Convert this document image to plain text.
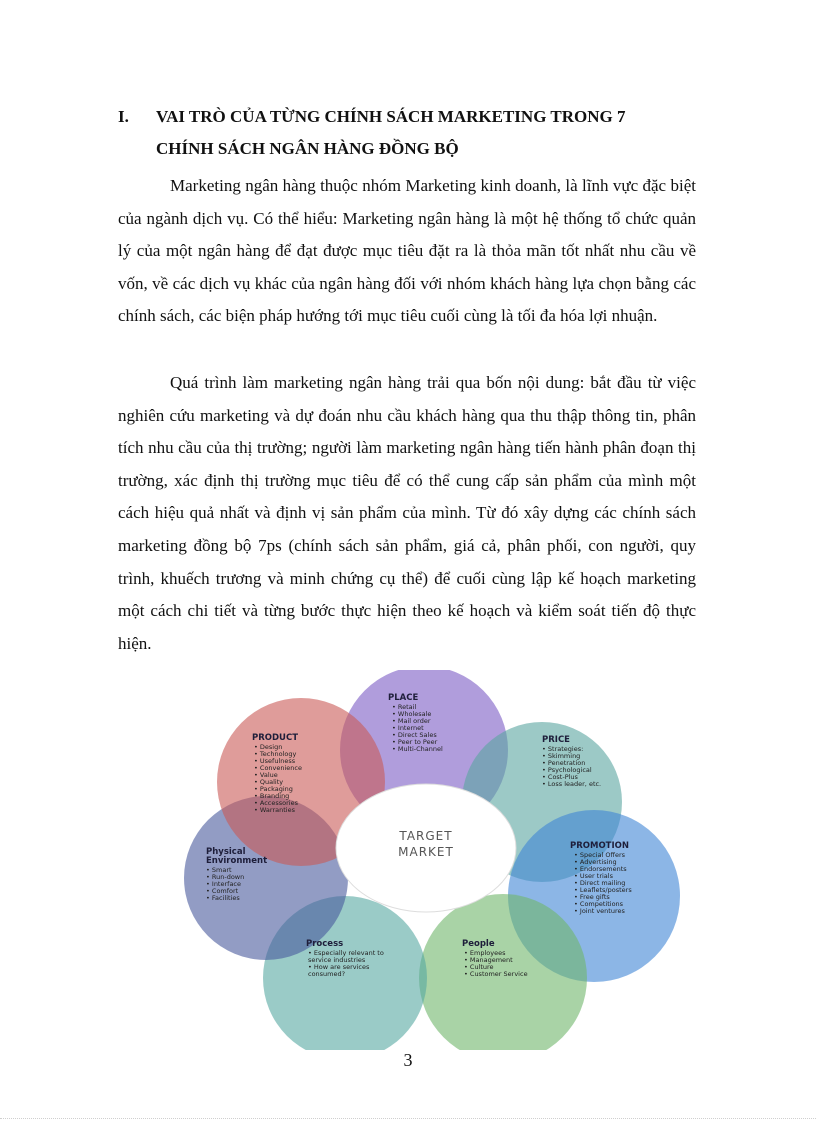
I. VAI TRÒ CỦA TỪNG CHÍNH SÁCH MARKETING TRONG 7
CHÍNH SÁCH NGÂN HÀNG ĐỒNG BỘ

Marketing ngân hàng thuộc nhóm Marketing kinh doanh, là lĩnh vực đặc biệt của ngành dịch vụ. Có thể hiểu: Marketing ngân hàng là một hệ thống tổ chức quản lý của một ngân hàng để đạt được mục tiêu đặt ra là thỏa mãn tốt nhất nhu cầu về vốn, về các dịch vụ khác của ngân hàng đối với nhóm khách hàng lựa chọn bằng các chính sách, các biện pháp hướng tới mục tiêu cuối cùng là tối đa hóa lợi nhuận.

Quá trình làm marketing ngân hàng trải qua bốn nội dung: bắt đầu từ việc nghiên cứu marketing và dự đoán nhu cầu khách hàng qua thu thập thông tin, phân tích nhu cầu của thị trường; người làm marketing ngân hàng tiến hành phân đoạn thị trường, xác định thị trường mục tiêu để có thể cung cấp sản phẩm của mình một cách hiệu quả nhất và định vị sản phẩm của mình. Từ đó xây dựng các chính sách marketing đồng bộ 7ps (chính sách sản phẩm, giá cả, phân phối, con người, quy trình, khuếch trương và minh chứng cụ thể) để cuối cùng lập kế hoạch marketing một cách chi tiết và từng bước thực hiện theo kế hoạch và kiểm soát tiến độ thực hiện.

TARGET
MARKET
PLACE
• Retail
• Wholesale
• Mail order
• Internet
• Direct Sales
• Peer to Peer
• Multi-Channel
PRICE
• Strategies:
• Skimming
• Penetration
• Psychological
• Cost-Plus
• Loss leader, etc.
PROMOTION
• Special Offers
• Advertising
• Endorsements
• User trials
• Direct mailing
• Leaflets/posters
• Free gifts
• Competitions
• Joint ventures
People
• Employees
• Management
• Culture
• Customer Service
Process
• Especially relevant to
service industries
• How are services
consumed?
Physical
Environment
• Smart
• Run-down
• Interface
• Comfort
• Facilities
PRODUCT
• Design
• Technology
• Usefulness
• Convenience
• Value
• Quality
• Packaging
• Branding
• Accessories
• Warranties
3
